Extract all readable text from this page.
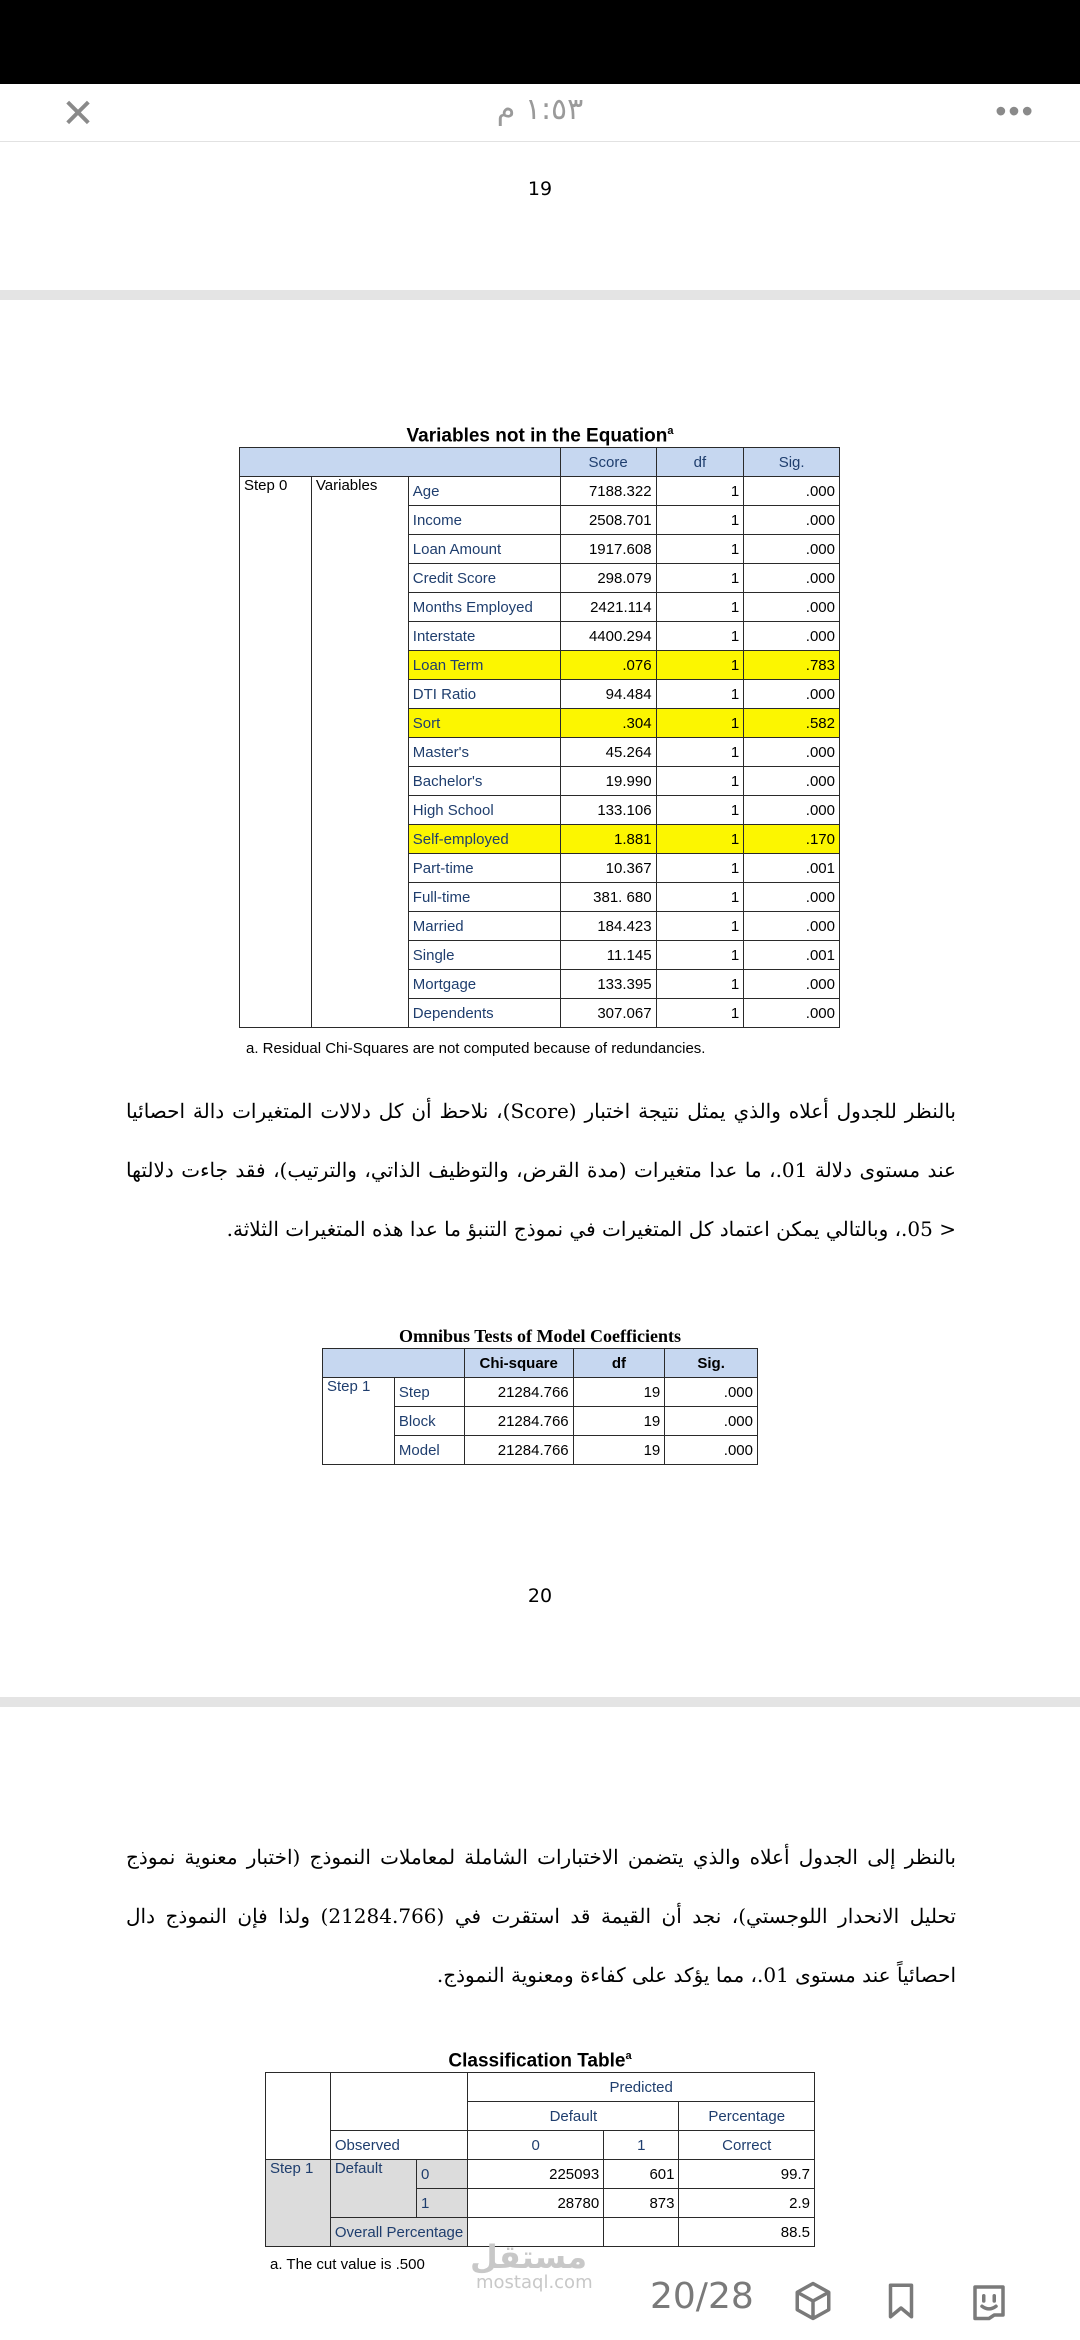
✕	١:٥٣ م	•••
19
Variables not in the Equation$^a$
			Score	df	Sig.
Step 0	Variables	Age	7188.322	1	.000
		Income	2508.701	1	.000
		Loan Amount	1917.608	1	.000
		Credit Score	298.079	1	.000
		Months Employed	2421.114	1	.000
		Interstate	4400.294	1	.000
		Loan Term	.076	1	.783
		DTI Ratio	94.484	1	.000
		Sort	.304	1	.582
		Master's	45.264	1	.000
		Bachelor's	19.990	1	.000
		High School	133.106	1	.000
		Self-employed	1.881	1	.170
		Part-time	10.367	1	.001
		Full-time	381. 680	1	.000
		Married	184.423	1	.000
		Single	11.145	1	.001
		Mortgage	133.395	1	.000
		Dependents	307.067	1	.000
a. Residual Chi-Squares are not computed because of redundancies.
بالنظر للجدول أعلاه والذي يمثل نتيجة اختبار (Score)، نلاحظ أن كل دلالات المتغيرات دالة احصائيا عند مستوى دلالة 01.، ما عدا متغيرات (مدة القرض، والتوظيف الذاتي، والترتيب)، فقد جاءت دلالتها < 05.، وبالتالي يمكن اعتماد كل المتغيرات في نموذج التنبؤ ما عدا هذه المتغيرات الثلاثة.
Omnibus Tests of Model Coefficients
		Chi-square	df	Sig.
Step 1	Step	21284.766	19	.000
	Block	21284.766	19	.000
	Model	21284.766	19	.000
20
بالنظر إلى الجدول أعلاه والذي يتضمن الاختبارات الشاملة لمعاملات النموذج (اختبار معنوية نموذج تحليل الانحدار اللوجستي)، نجد أن القيمة قد استقرت في (21284.766) ولذا فإن النموذج دال احصائياً عند مستوى 01.، مما يؤكد على كفاءة ومعنوية النموذج.
Classification Table$^a$
			Predicted		
			Default		Percentage
	Observed		0	1	Correct
Step 1	Default	0	225093	601	99.7
		1	28780	873	2.9
	Overall Percentage				88.5
a. The cut value is .500 مستقل
mostaql.com 20/28
